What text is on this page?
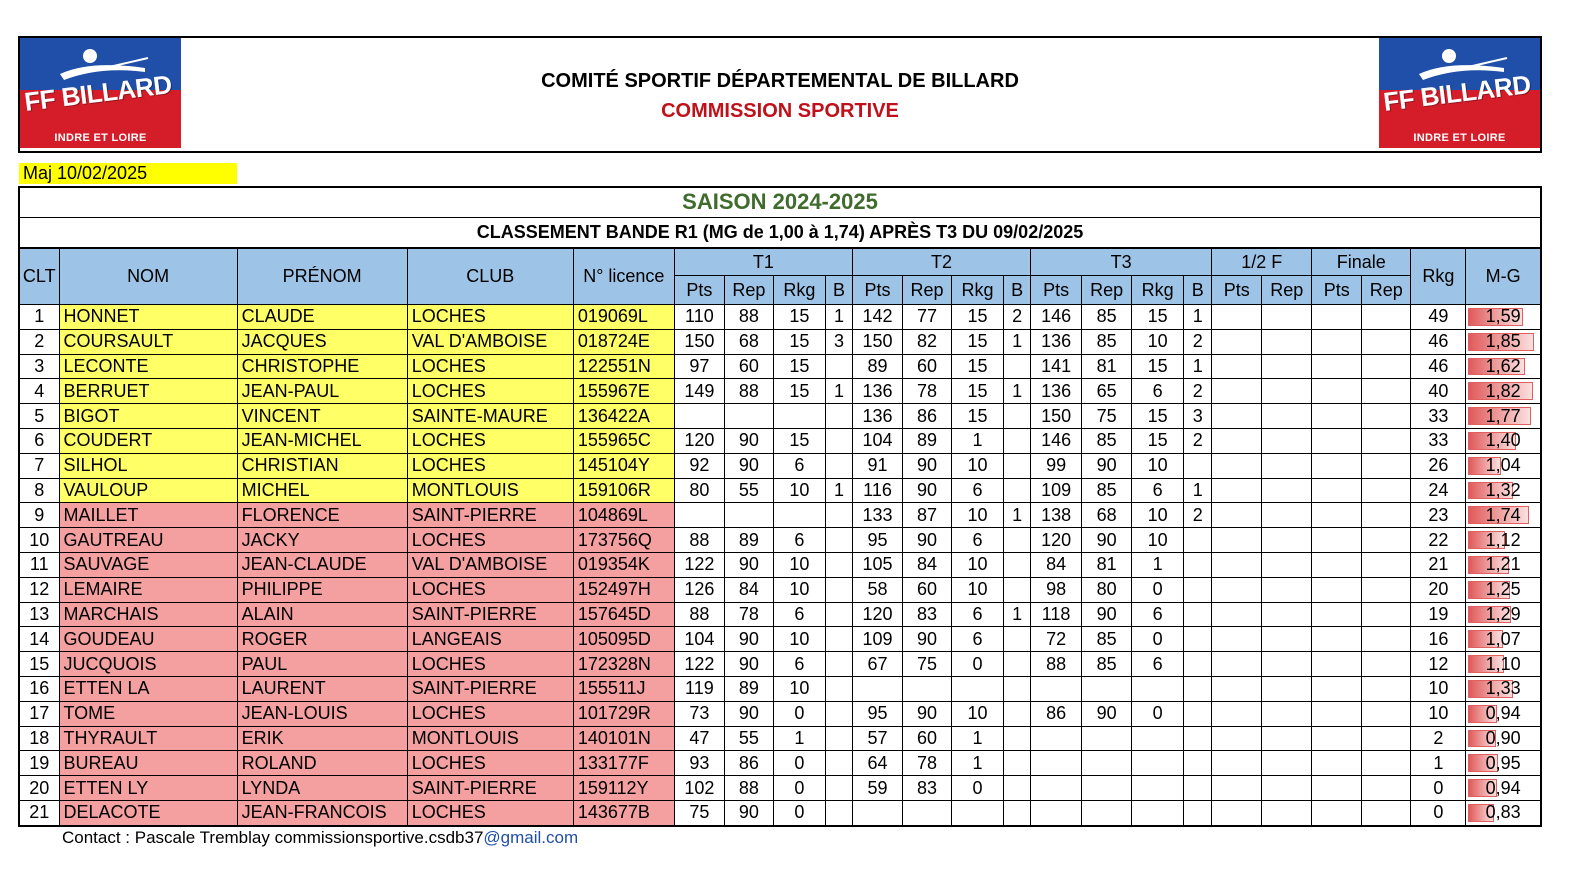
FF BILLARD
INDRE ET LOIRE
COMITÉ SPORTIF DÉPARTEMENTAL DE BILLARD
COMMISSION SPORTIVE	FF BILLARD
INDRE ET LOIRE
Maj 10/02/2025
SAISON 2024-2025
CLASSEMENT BANDE R1 (MG de 1,00 à 1,74) APRÈS T3 DU 09/02/2025
CLT	NOM	PRÉNOM	CLUB	N° licence	T1				T2				T3				1/2 F		Finale		Rkg	M-G
					Pts	Rep	Rkg	B	Pts	Rep	Rkg	B	Pts	Rep	Rkg	B	Pts	Rep	Pts	Rep		
1	HONNET	CLAUDE	LOCHES	019069L	110	88	15	1	142	77	15	2	146	85	15	1					49	1,59
2	COURSAULT	JACQUES	VAL D'AMBOISE	018724E	150	68	15	3	150	82	15	1	136	85	10	2					46	1,85
3	LECONTE	CHRISTOPHE	LOCHES	122551N	97	60	15		89	60	15		141	81	15	1					46	1,62
4	BERRUET	JEAN-PAUL	LOCHES	155967E	149	88	15	1	136	78	15	1	136	65	6	2					40	1,82
5	BIGOT	VINCENT	SAINTE-MAURE	136422A					136	86	15		150	75	15	3					33	1,77
6	COUDERT	JEAN-MICHEL	LOCHES	155965C	120	90	15		104	89	1		146	85	15	2					33	1,40
7	SILHOL	CHRISTIAN	LOCHES	145104Y	92	90	6		91	90	10		99	90	10						26	1,04
8	VAULOUP	MICHEL	MONTLOUIS	159106R	80	55	10	1	116	90	6		109	85	6	1					24	1,32
9	MAILLET	FLORENCE	SAINT-PIERRE	104869L					133	87	10	1	138	68	10	2					23	1,74
10	GAUTREAU	JACKY	LOCHES	173756Q	88	89	6		95	90	6		120	90	10						22	1,12
11	SAUVAGE	JEAN-CLAUDE	VAL D'AMBOISE	019354K	122	90	10		105	84	10		84	81	1						21	1,21
12	LEMAIRE	PHILIPPE	LOCHES	152497H	126	84	10		58	60	10		98	80	0						20	1,25
13	MARCHAIS	ALAIN	SAINT-PIERRE	157645D	88	78	6		120	83	6	1	118	90	6						19	1,29
14	GOUDEAU	ROGER	LANGEAIS	105095D	104	90	10		109	90	6		72	85	0						16	1,07
15	JUCQUOIS	PAUL	LOCHES	172328N	122	90	6		67	75	0		88	85	6						12	1,10
16	ETTEN LA	LAURENT	SAINT-PIERRE	155511J	119	89	10														10	1,33
17	TOME	JEAN-LOUIS	LOCHES	101729R	73	90	0		95	90	10		86	90	0						10	0,94
18	THYRAULT	ERIK	MONTLOUIS	140101N	47	55	1		57	60	1										2	0,90
19	BUREAU	ROLAND	LOCHES	133177F	93	86	0		64	78	1										1	0,95
20	ETTEN LY	LYNDA	SAINT-PIERRE	159112Y	102	88	0		59	83	0										0	0,94
21	DELACOTE	JEAN-FRANCOIS	LOCHES	143677B	75	90	0														0	0,83
Contact : Pascale Tremblay commissionsportive.csdb37@gmail.com
